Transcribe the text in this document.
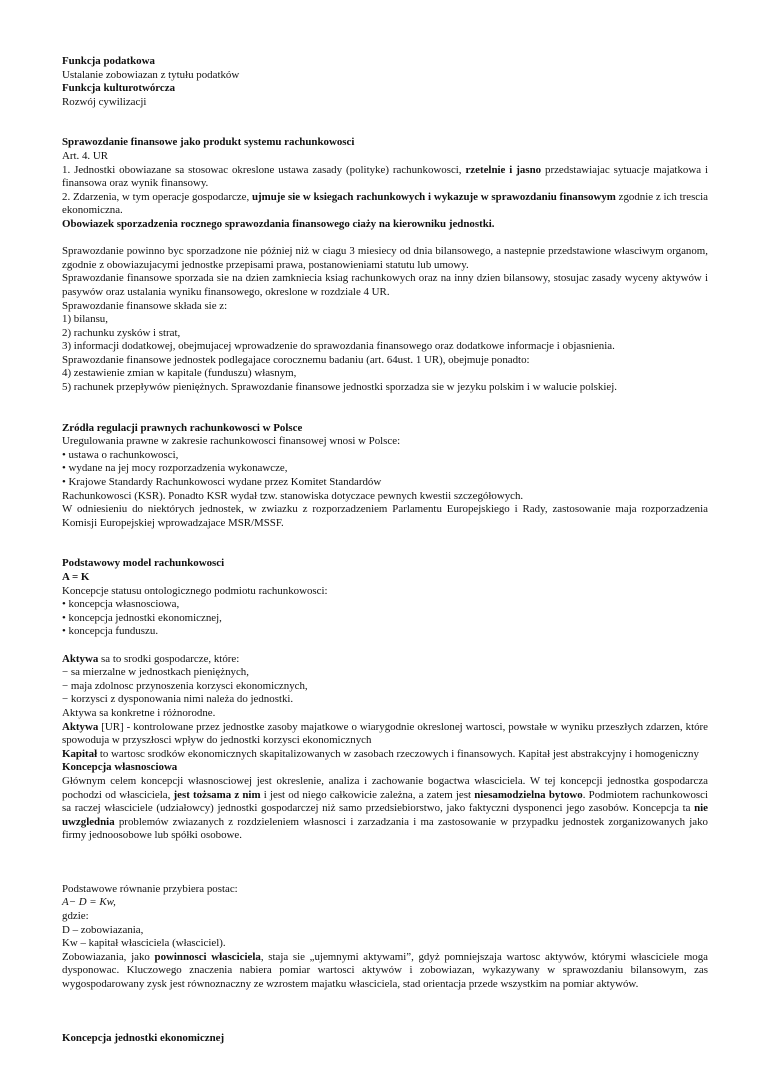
Funkcja podatkowa

Ustalanie zobowiazan z tytułu podatków

Funkcja kulturotwórcza

Rozwój cywilizacji

Sprawozdanie finansowe jako produkt systemu rachunkowosci

Art. 4. UR

1. Jednostki obowiazane sa stosowac okreslone ustawa zasady (polityke) rachunkowosci, rzetelnie i jasno przedstawiajac sytuacje majatkowa i finansowa oraz wynik finansowy.

2. Zdarzenia, w tym operacje gospodarcze, ujmuje sie w ksiegach rachunkowych i wykazuje w sprawozdaniu finansowym zgodnie z ich trescia ekonomiczna.

Obowiazek sporzadzenia rocznego sprawozdania finansowego ciaży na kierowniku jednostki.

Sprawozdanie powinno byc sporzadzone nie później niż w ciagu 3 miesiecy od dnia bilansowego, a nastepnie przedstawione własciwym organom, zgodnie z obowiazujacymi jednostke przepisami prawa, postanowieniami statutu lub umowy.

Sprawozdanie finansowe sporzada sie na dzien zamkniecia ksiag rachunkowych oraz na inny dzien bilansowy, stosujac zasady wyceny aktywów i pasywów oraz ustalania wyniku finansowego, okreslone w rozdziale 4 UR.

Sprawozdanie finansowe składa sie z:

1) bilansu,

2) rachunku zysków i strat,

3) informacji dodatkowej, obejmujacej wprowadzenie do sprawozdania finansowego oraz dodatkowe informacje i objasnienia.

Sprawozdanie finansowe jednostek podlegajace corocznemu badaniu (art. 64ust. 1 UR), obejmuje ponadto:

4) zestawienie zmian w kapitale (funduszu) własnym,

5) rachunek przepływów pieniężnych. Sprawozdanie finansowe jednostki sporzadza sie w jezyku polskim i w walucie polskiej.

Zródła regulacji prawnych rachunkowosci w Polsce

Uregulowania prawne w zakresie rachunkowosci finansowej wnosi w Polsce:

• ustawa o rachunkowosci,

• wydane na jej mocy rozporzadzenia wykonawcze,

• Krajowe Standardy Rachunkowosci wydane przez Komitet Standardów

Rachunkowosci (KSR). Ponadto KSR wydał tzw. stanowiska dotyczace pewnych kwestii szczegółowych.

W odniesieniu do niektórych jednostek, w zwiazku z rozporzadzeniem Parlamentu Europejskiego i Rady, zastosowanie maja rozporzadzenia Komisji Europejskiej wprowadzajace MSR/MSSF.

Podstawowy model rachunkowosci

A = K

Koncepcje statusu ontologicznego podmiotu rachunkowosci:

• koncepcja własnosciowa,

• koncepcja jednostki ekonomicznej,

• koncepcja funduszu.

Aktywa sa to srodki gospodarcze, które:

− sa mierzalne w jednostkach pieniężnych,

− maja zdolnosc przynoszenia korzysci ekonomicznych,

− korzysci z dysponowania nimi należa do jednostki.

Aktywa sa konkretne i różnorodne.

Aktywa [UR] - kontrolowane przez jednostke zasoby majatkowe o wiarygodnie okreslonej wartosci, powstałe w wyniku przeszłych zdarzen, które spowoduja w przyszłosci wpływ do jednostki korzysci ekonomicznych

Kapitał to wartosc srodków ekonomicznych skapitalizowanych w zasobach rzeczowych i finansowych. Kapitał jest abstrakcyjny i homogeniczny

Koncepcja własnosciowa

Głównym celem koncepcji własnosciowej jest okreslenie, analiza i zachowanie bogactwa własciciela. W tej koncepcji jednostka gospodarcza pochodzi od własciciela, jest tożsama z nim i jest od niego całkowicie zależna, a zatem jest niesamodzielna bytowo. Podmiotem rachunkowosci sa raczej własciciele (udziałowcy) jednostki gospodarczej niż samo przedsiebiorstwo, jako faktyczni dysponenci jego zasobów. Koncepcja ta nie uwzglednia problemów zwiazanych z rozdzieleniem własnosci i zarzadzania i ma zastosowanie w przypadku jednostek zorganizowanych jako firmy jednoosobowe lub spółki osobowe.

Podstawowe równanie przybiera postac:

A− D = Kw,

gdzie:

D – zobowiazania,

Kw – kapitał własciciela (własciciel).

Zobowiazania, jako powinnosci własciciela, staja sie „ujemnymi aktywami”, gdyż pomniejszaja wartosc aktywów, którymi własciciele moga dysponowac. Kluczowego znaczenia nabiera pomiar wartosci aktywów i zobowiazan, wykazywany w sprawozdaniu bilansowym, zas wygospodarowany zysk jest równoznaczny ze wzrostem majatku własciciela, stad orientacja przede wszystkim na pomiar aktywów.

Koncepcja jednostki ekonomicznej
